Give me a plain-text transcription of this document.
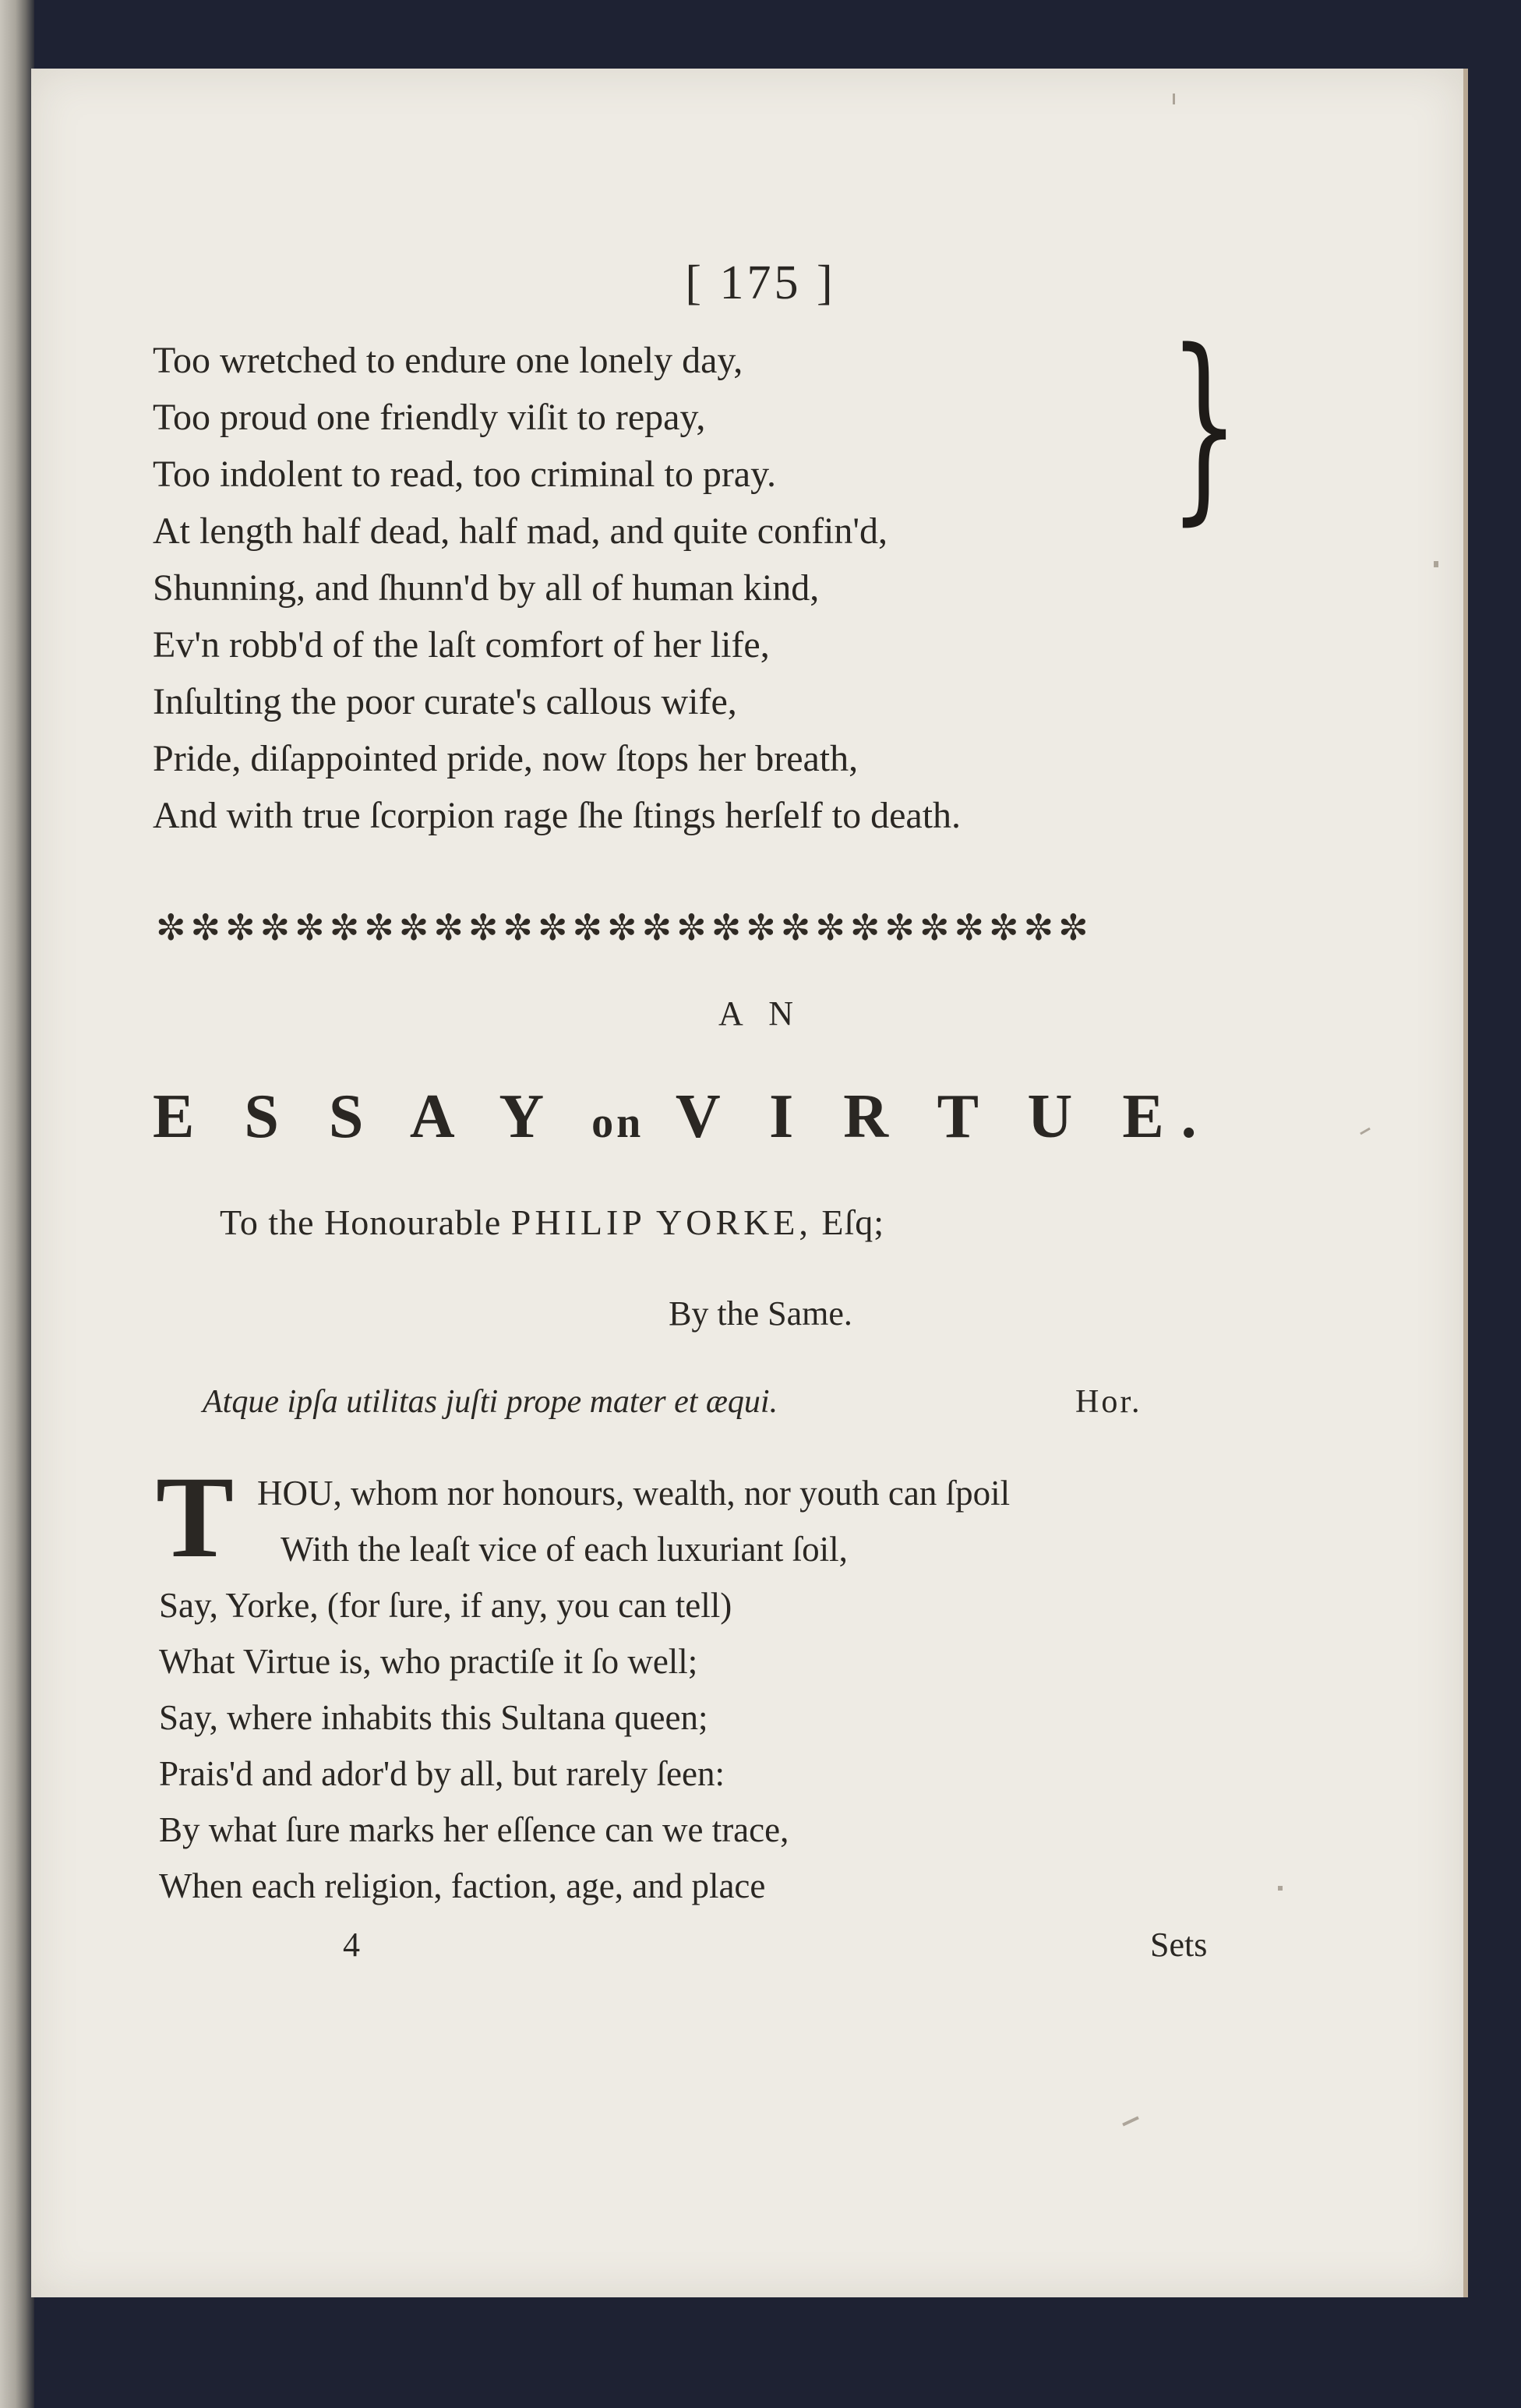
[ 175 ]
Too wretched to endure one lonely day,
Too proud one friendly viſit to repay,
Too indolent to read, too criminal to pray.
At length half dead, half mad, and quite confin'd,
Shunning, and ſhunn'd by all of human kind,
Ev'n robb'd of the laſt comfort of her life,
Inſulting the poor curate's callous wife,
Pride, diſappointed pride, now ſtops her breath,
And with true ſcorpion rage ſhe ſtings herſelf to death.
}
✼✼✼✼✼✼✼✼✼✼✼✼✼✼✼✼✼✼✼✼✼✼✼✼✼✼✼
A N
E S S A Y on V I R T U E.
To the Honourable PHILIP YORKE, Eſq;
By the Same.
Atque ipſa utilitas juſti prope mater et æqui.	Hor.
T HOU, whom nor honours, wealth, nor youth can ſpoil
With the leaſt vice of each luxuriant ſoil,
Say, Yorke, (for ſure, if any, you can tell)
What Virtue is, who practiſe it ſo well;
Say, where inhabits this Sultana queen;
Prais'd and ador'd by all, but rarely ſeen:
By what ſure marks her eſſence can we trace,
When each religion, faction, age, and place
4	Sets
